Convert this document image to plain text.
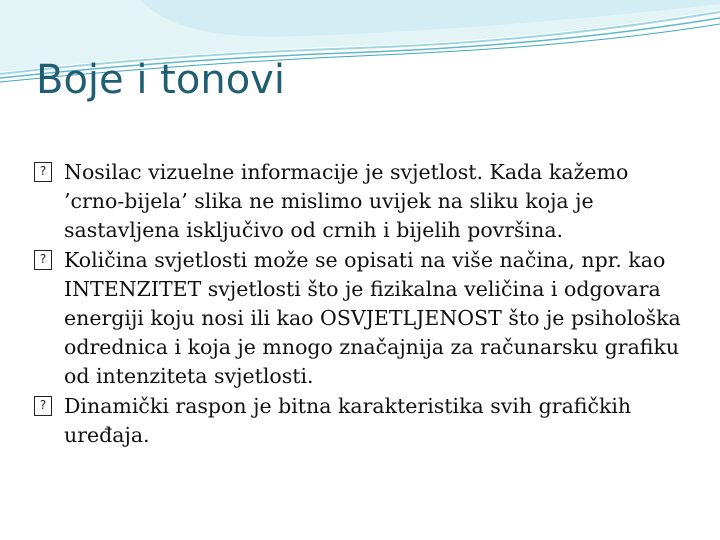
Boje i tonovi
? Nosilac vizuelne informacije je svjetlost. Kada kažemo ’crno-bijela’ slika ne mislimo uvijek na sliku koja je sastavljena isključivo od crnih i bijelih površina.
? Količina svjetlosti može se opisati na više načina, npr. kao INTENZITET svjetlosti što je fizikalna veličina i odgovara energiji koju nosi ili kao OSVJETLJENOST što je psihološka odrednica i koja je mnogo značajnija za računarsku grafiku od intenziteta svjetlosti.
? Dinamički raspon je bitna karakteristika svih grafičkih uređaja.
